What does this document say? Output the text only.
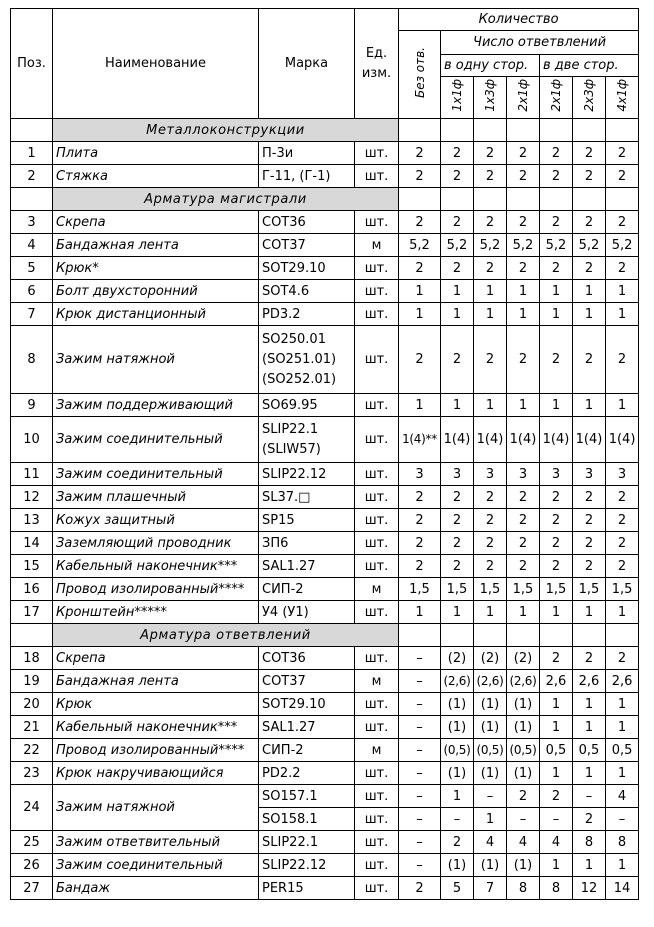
Поз.	Наименование	Марка	Ед. изм.	Количество						
				Без отв.	Число ответвлений					
					в одну стор.			в две стор.		
					1x1ф	1x3ф	2x1ф	2x1ф	2x3ф	4x1ф
	Металлоконструкции									
1	Плита	П-3и	шт.	2	2	2	2	2	2	2
2	Стяжка	Г-11, (Г-1)	шт.	2	2	2	2	2	2	2
	Арматура магистрали									
3	Скрепа	СОТ36	шт.	2	2	2	2	2	2	2
4	Бандажная лента	СОТ37	м	5,2	5,2	5,2	5,2	5,2	5,2	5,2
5	Крюк*	SOT29.10	шт.	2	2	2	2	2	2	2
6	Болт двухсторонний	SOT4.6	шт.	1	1	1	1	1	1	1
7	Крюк дистанционный	PD3.2	шт.	1	1	1	1	1	1	1
8	Зажим натяжной	SO250.01
(SO251.01)
(SO252.01)	шт.	2	2	2	2	2	2	2
9	Зажим поддерживающий	SO69.95	шт.	1	1	1	1	1	1	1
10	Зажим соединительный	SLIP22.1
(SLIW57)	шт.	1(4)**	1(4)	1(4)	1(4)	1(4)	1(4)	1(4)
11	Зажим соединительный	SLIP22.12	шт.	3	3	3	3	3	3	3
12	Зажим плашечный	SL37.□	шт.	2	2	2	2	2	2	2
13	Кожух защитный	SP15	шт.	2	2	2	2	2	2	2
14	Заземляющий проводник	ЗП6	шт.	2	2	2	2	2	2	2
15	Кабельный наконечник***	SAL1.27	шт.	2	2	2	2	2	2	2
16	Провод изолированный****	СИП-2	м	1,5	1,5	1,5	1,5	1,5	1,5	1,5
17	Кронштейн*****	У4 (У1)	шт.	1	1	1	1	1	1	1
	Арматура ответвлений									
18	Скрепа	СОТ36	шт.	–	(2)	(2)	(2)	2	2	2
19	Бандажная лента	СОТ37	м	–	(2,6)	(2,6)	(2,6)	2,6	2,6	2,6
20	Крюк	SOT29.10	шт.	–	(1)	(1)	(1)	1	1	1
21	Кабельный наконечник***	SAL1.27	шт.	–	(1)	(1)	(1)	1	1	1
22	Провод изолированный****	СИП-2	м	–	(0,5)	(0,5)	(0,5)	0,5	0,5	0,5
23	Крюк накручивающийся	PD2.2	шт.	–	(1)	(1)	(1)	1	1	1
24	Зажим натяжной	SO157.1	шт.	–	1	–	2	2	–	4
		SO158.1	шт.	–	–	1	–	–	2	–
25	Зажим ответвительный	SLIP22.1	шт.	–	2	4	4	4	8	8
26	Зажим соединительный	SLIP22.12	шт.	–	(1)	(1)	(1)	1	1	1
27	Бандаж	PER15	шт.	2	5	7	8	8	12	14
